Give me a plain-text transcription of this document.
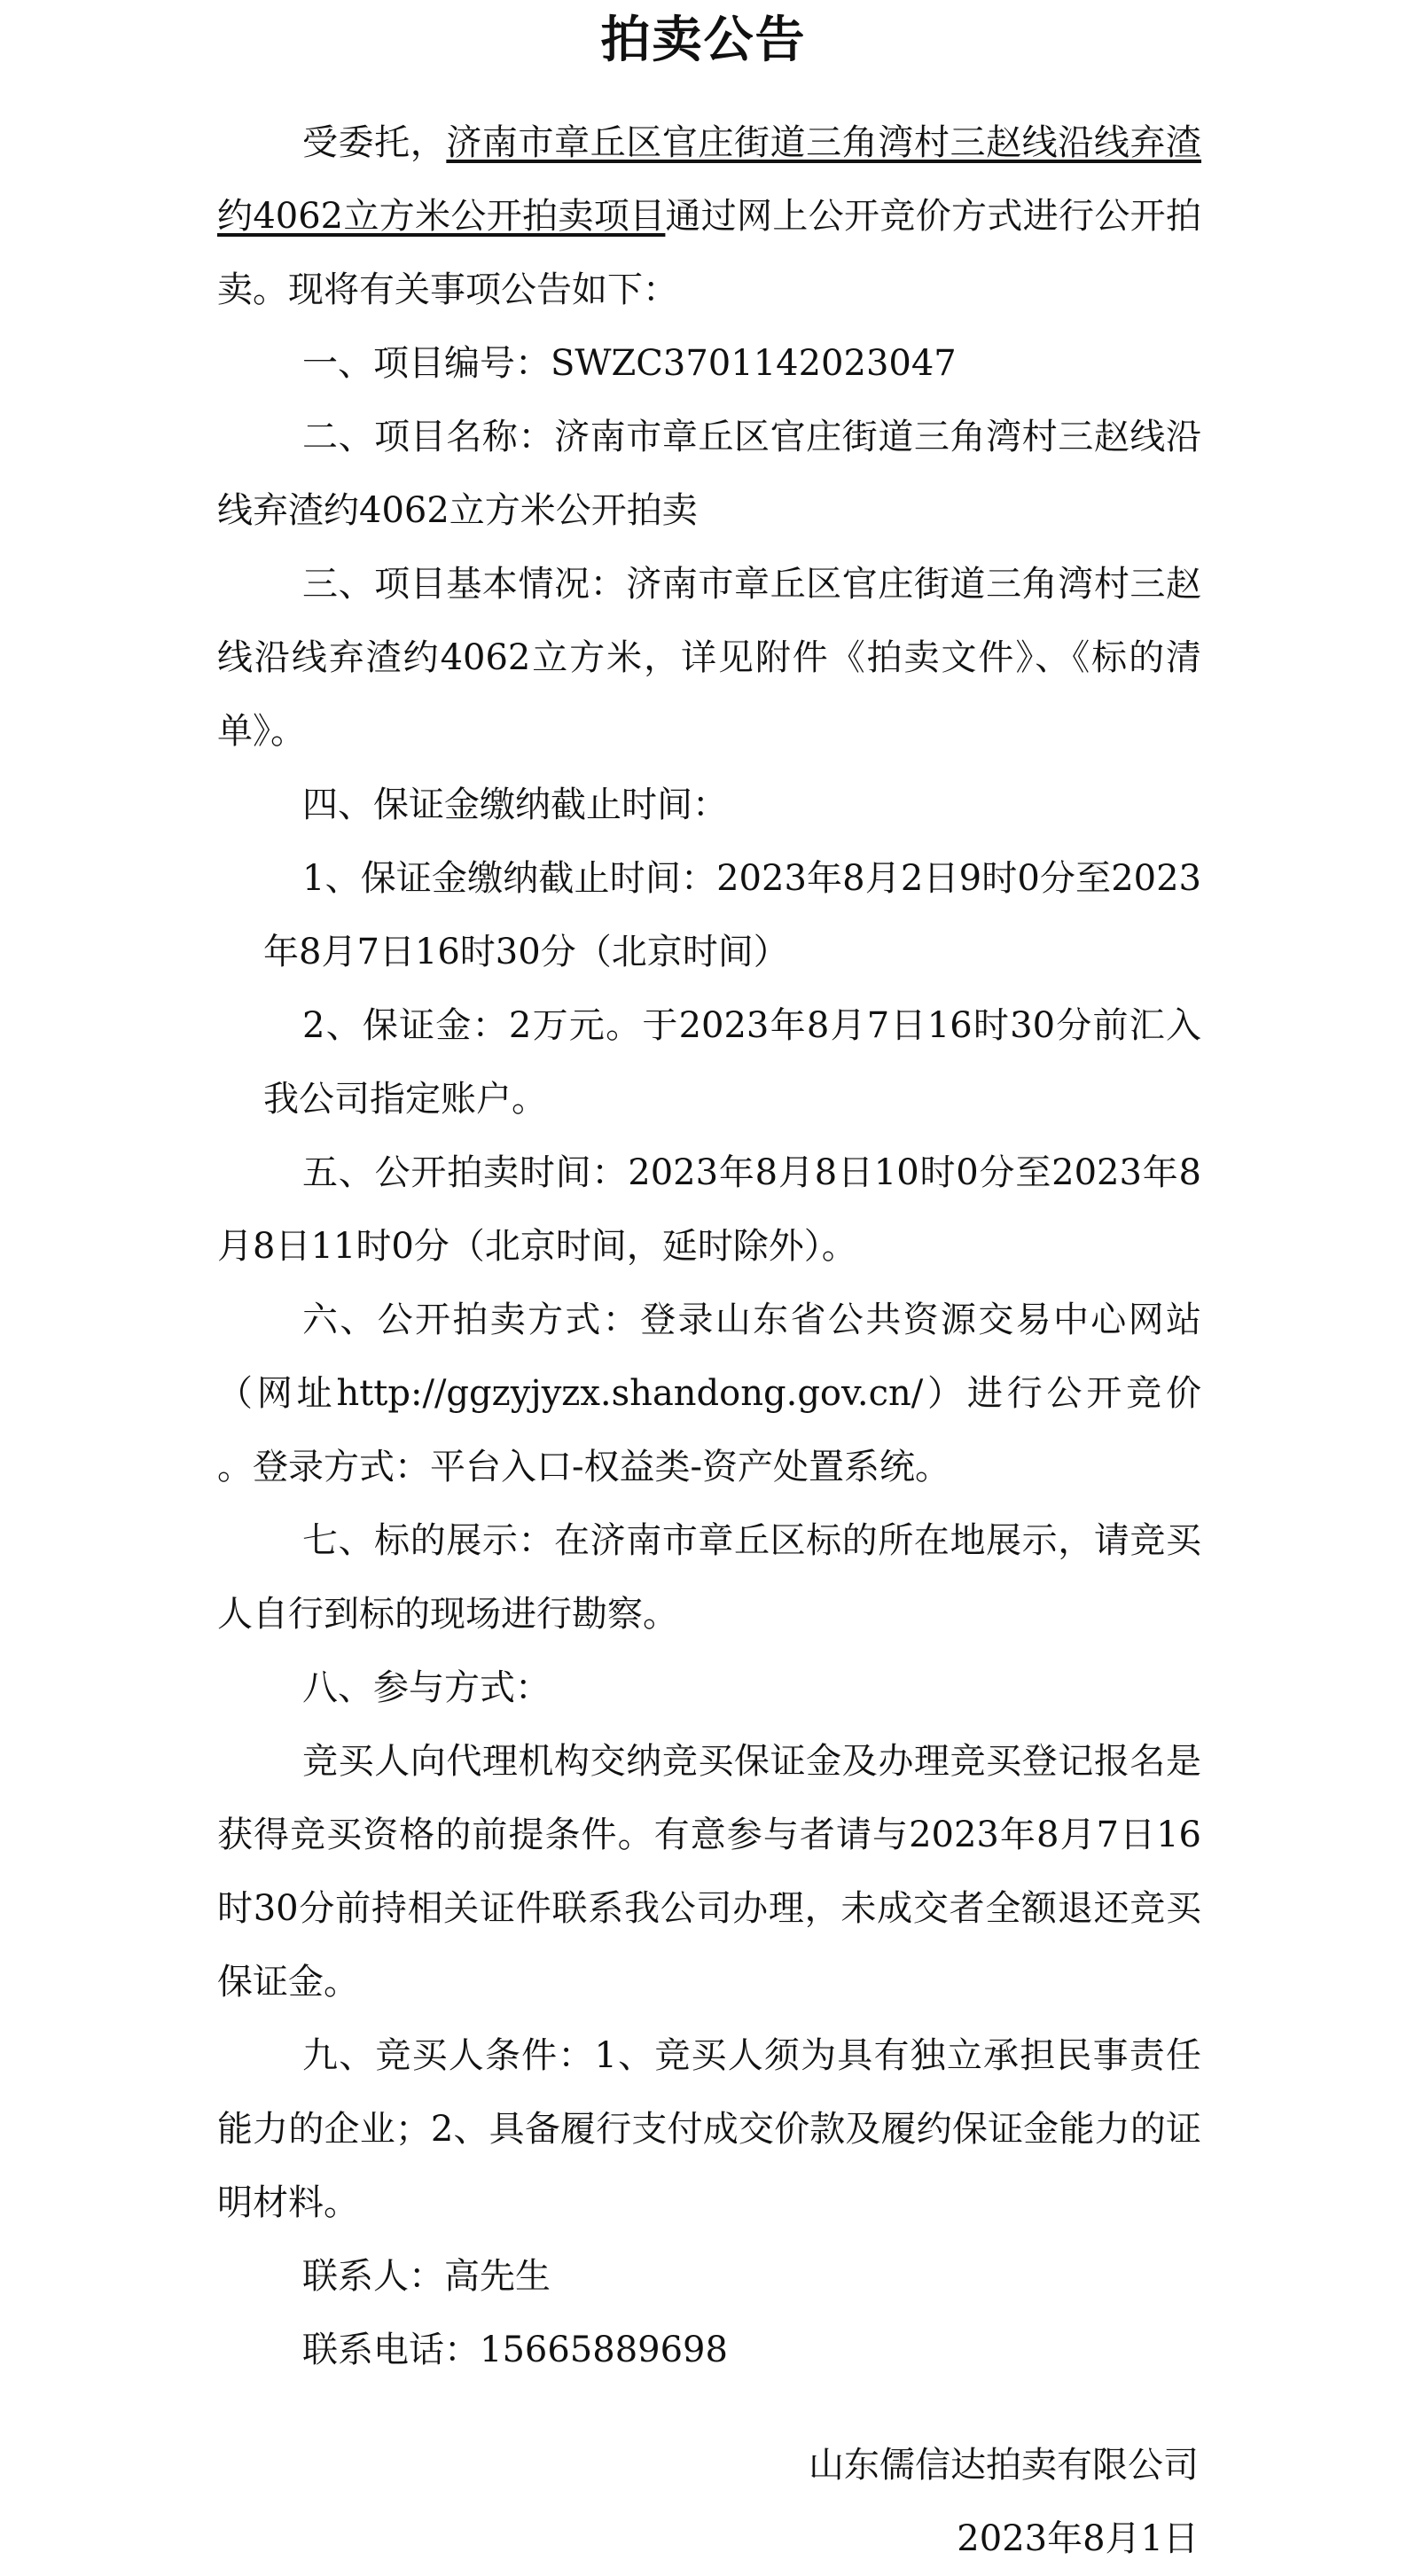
拍卖公告

受委托，济南市章丘区官庄街道三角湾村三赵线沿线弃渣约4062立方米公开拍卖项目通过网上公开竞价方式进行公开拍卖。现将有关事项公告如下：

一、项目编号：SWZC3701142023047

二、项目名称：济南市章丘区官庄街道三角湾村三赵线沿线弃渣约4062立方米公开拍卖

三、项目基本情况：济南市章丘区官庄街道三角湾村三赵线沿线弃渣约4062立方米，详见附件《拍卖文件》、《标的清单》。

四、保证金缴纳截止时间：

1、保证金缴纳截止时间：2023年8月2日9时0分至2023年8月7日16时30分（北京时间）

2、保证金：2万元。于2023年8月7日16时30分前汇入我公司指定账户。

五、公开拍卖时间：2023年8月8日10时0分至2023年8月8日11时0分（北京时间，延时除外）。

六、公开拍卖方式：登录山东省公共资源交易中心网站（网址http://ggzyjyzx.shandong.gov.cn/）进行公开竞价 。登录方式：平台入口-权益类-资产处置系统。

七、标的展示：在济南市章丘区标的所在地展示，请竞买人自行到标的现场进行勘察。

八、参与方式：

竞买人向代理机构交纳竞买保证金及办理竞买登记报名是获得竞买资格的前提条件。有意参与者请与2023年8月7日16时30分前持相关证件联系我公司办理，未成交者全额退还竞买保证金。

九、竞买人条件：1、竞买人须为具有独立承担民事责任能力的企业；2、具备履行支付成交价款及履约保证金能力的证明材料。

联系人：高先生

联系电话：15665889698

山东儒信达拍卖有限公司

2023年8月1日
